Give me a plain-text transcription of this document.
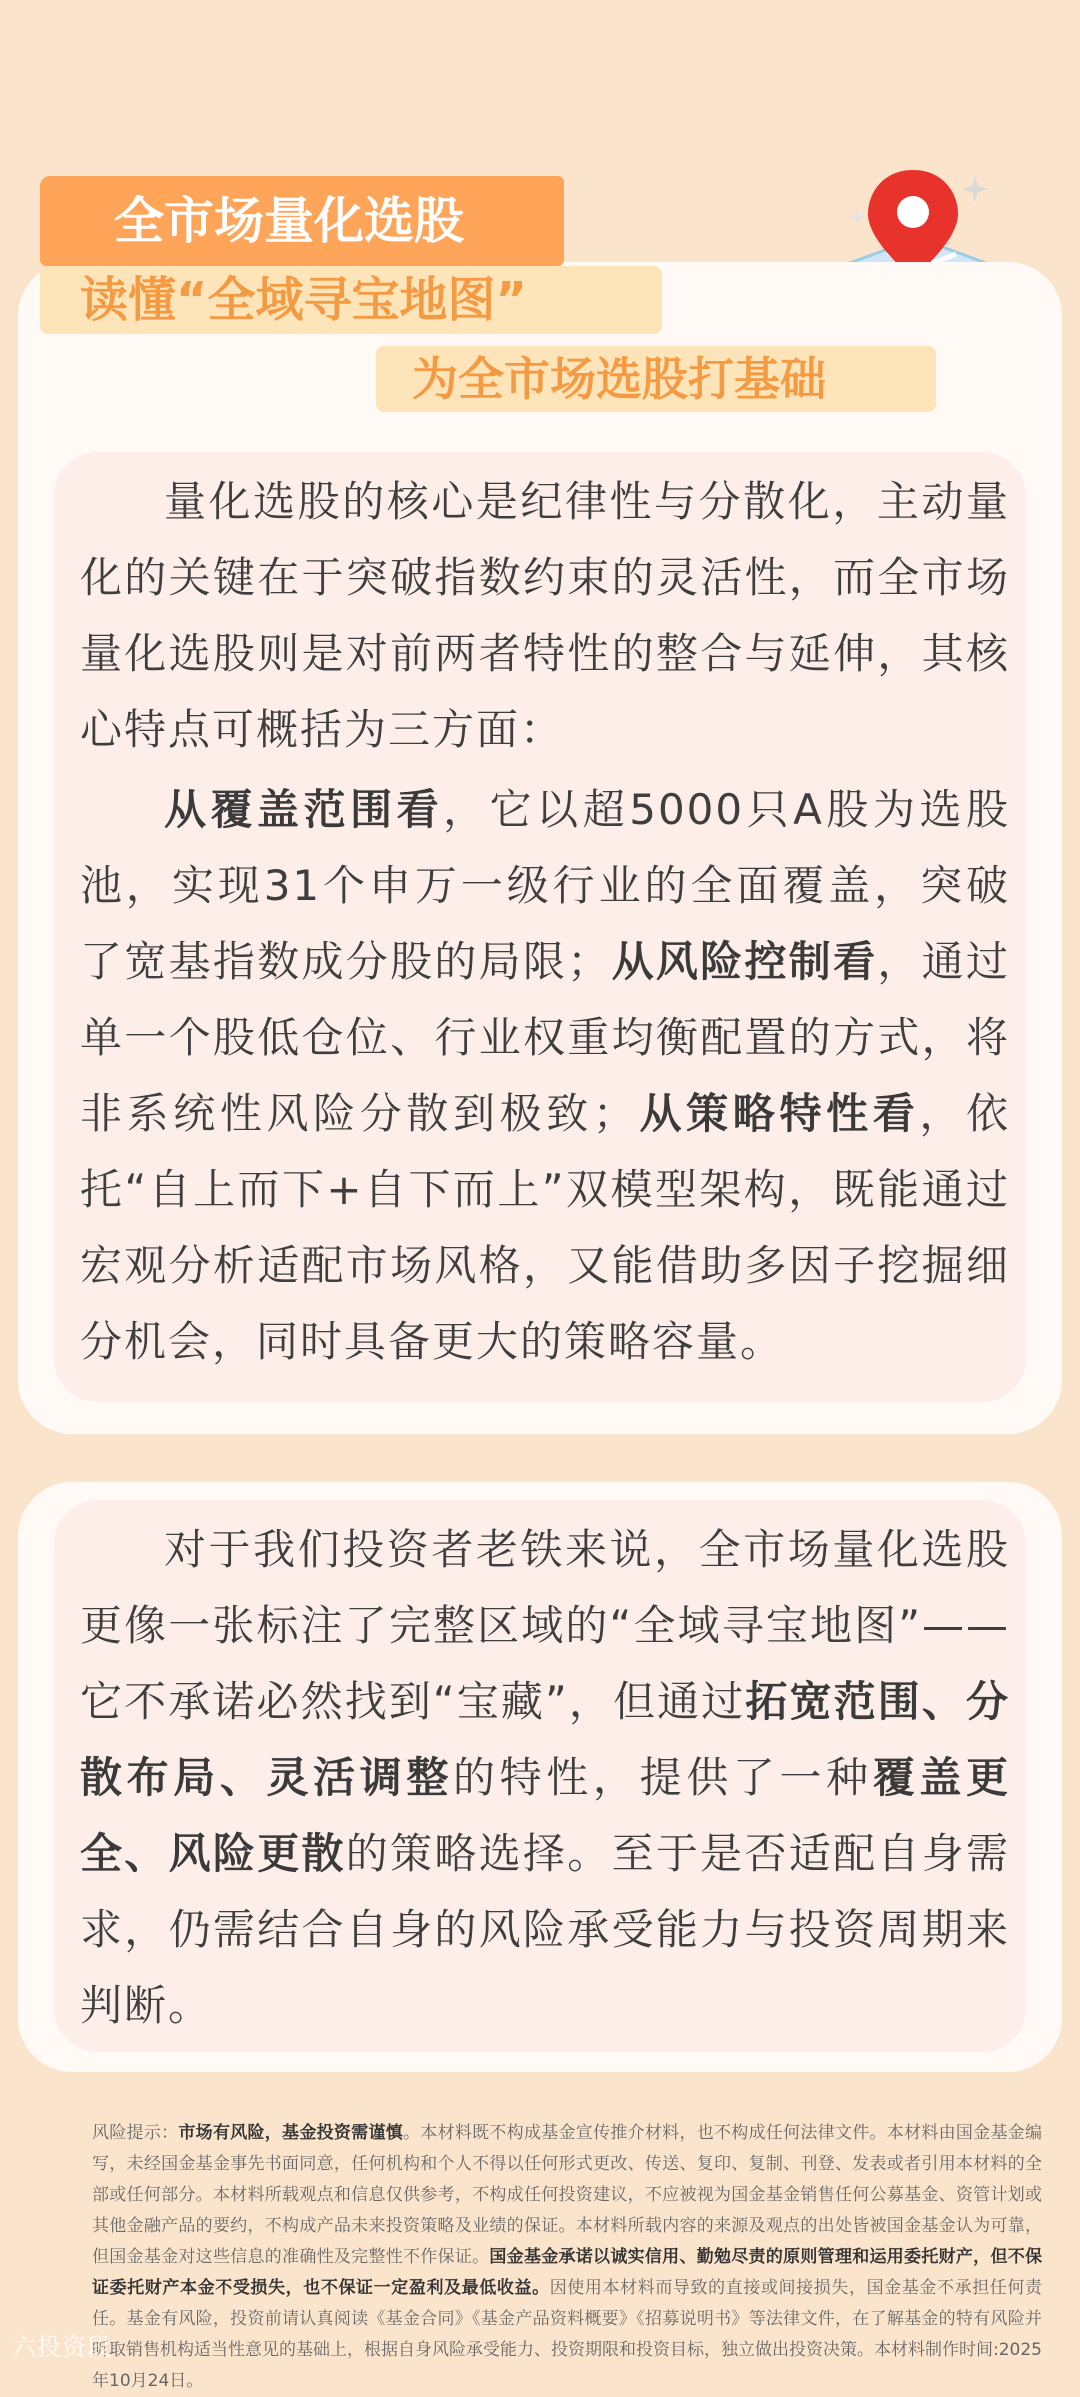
全市场量化选股
读懂“全域寻宝地图”
为全市场选股打基础

量化选股的核心是纪律性与分散化，主动量化的关键在于突破指数约束的灵活性，而全市场量化选股则是对前两者特性的整合与延伸，其核心特点可概括为三方面：

从覆盖范围看，它以超5000只A股为选股池，实现31个申万一级行业的全面覆盖，突破了宽基指数成分股的局限；从风险控制看，通过单一个股低仓位、行业权重均衡配置的方式，将非系统性风险分散到极致；从策略特性看，依托“自上而下+自下而上”双模型架构，既能通过宏观分析适配市场风格，又能借助多因子挖掘细分机会，同时具备更大的策略容量。

对于我们投资者老铁来说，全市场量化选股更像一张标注了完整区域的“全域寻宝地图”——它不承诺必然找到“宝藏”，但通过拓宽范围、分散布局、灵活调整的特性，提供了一种覆盖更全、风险更散的策略选择。至于是否适配自身需求，仍需结合自身的风险承受能力与投资周期来判断。

风险提示：市场有风险，基金投资需谨慎。本材料既不构成基金宣传推介材料，也不构成任何法律文件。本材料由国金基金编写，未经国金基金事先书面同意，任何机构和个人不得以任何形式更改、传送、复印、复制、刊登、发表或者引用本材料的全部或任何部分。本材料所载观点和信息仅供参考，不构成任何投资建议，不应被视为国金基金销售任何公募基金、资管计划或其他金融产品的要约，不构成产品未来投资策略及业绩的保证。本材料所载内容的来源及观点的出处皆被国金基金认为可靠，但国金基金对这些信息的准确性及完整性不作保证。国金基金承诺以诚实信用、勤勉尽责的原则管理和运用委托财产，但不保证委托财产本金不受损失，也不保证一定盈利及最低收益。因使用本材料而导致的直接或间接损失，国金基金不承担任何责任。基金有风险，投资前请认真阅读《基金合同》《基金产品资料概要》《招募说明书》等法律文件，在了解基金的特有风险并听取销售机构适当性意见的基础上，根据自身风险承受能力、投资期限和投资目标，独立做出投资决策。本材料制作时间:2025年10月24日。

六投资段
